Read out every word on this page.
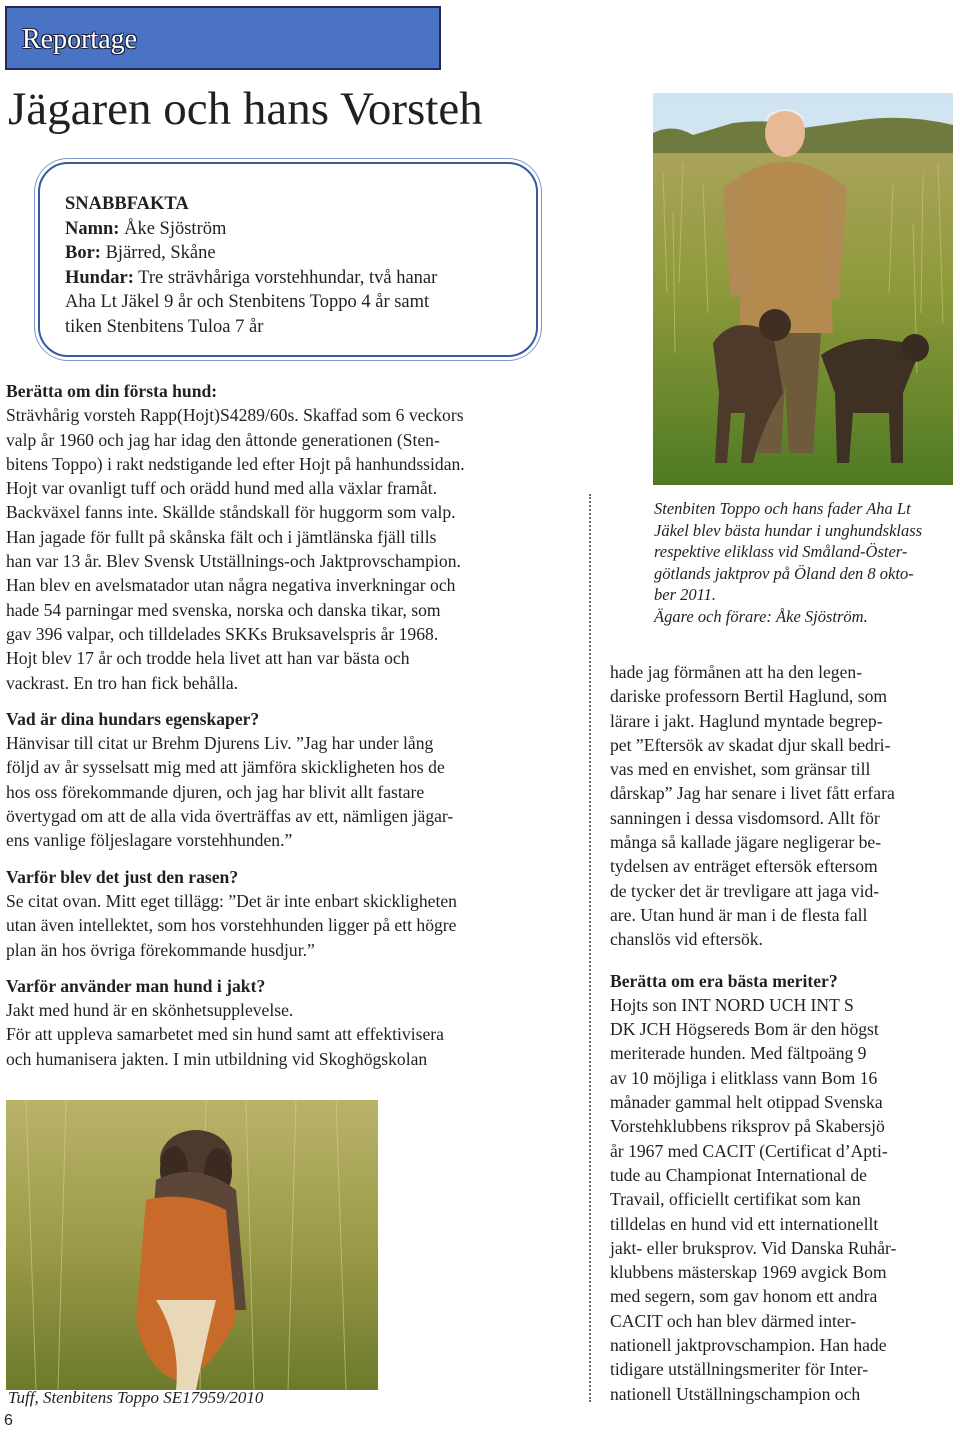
Reportage
Jägaren och hans Vorsteh
SNABBFAKTA
Namn: Åke Sjöström
Bor: Bjärred, Skåne
Hundar: Tre strävhåriga vorstehhundar, två hanar
Aha Lt Jäkel 9 år och Stenbitens Toppo 4 år samt
tiken Stenbitens Tuloa 7 år
Stenbiten Toppo och hans fader Aha Lt
Jäkel blev bästa hundar i unghundsklass
respektive eliklass vid Småland-Öster-
götlands jaktprov på Öland den 8 okto-
ber 2011.
Ägare och förare: Åke Sjöström.
Berätta om din första hund:
Strävhårig vorsteh Rapp(Hojt)S4289/60s. Skaffad som 6 veckors
valp år 1960 och jag har idag den åttonde generationen (Sten-
bitens Toppo) i rakt nedstigande led efter Hojt på hanhundssidan.
Hojt var ovanligt tuff och orädd hund med alla växlar framåt.
Backväxel fanns inte. Skällde ståndskall för huggorm som valp.
Han jagade för fullt på skånska fält och i jämtlänska fjäll tills
han var 13 år. Blev Svensk Utställnings-och Jaktprovschampion.
Han blev en avelsmatador utan några negativa inverkningar och
hade 54 parningar med svenska, norska och danska tikar, som
gav 396 valpar, och tilldelades SKKs Bruksavelspris år 1968.
Hojt blev 17 år och trodde hela livet att han var bästa och
vackrast. En tro han fick behålla.
Vad är dina hundars egenskaper?
Hänvisar till citat ur Brehm Djurens Liv. ”Jag har under lång
följd av år sysselsatt mig med att jämföra skickligheten hos de
hos oss förekommande djuren, och jag har blivit allt fastare
övertygad om att de alla vida överträffas av ett, nämligen jägar-
ens vanlige följeslagare vorstehhunden.”
Varför blev det just den rasen?
Se citat ovan. Mitt eget tillägg: ”Det är inte enbart skickligheten
utan även intellektet, som hos vorstehhunden ligger på ett högre
plan än hos övriga förekommande husdjur.”
Varför använder man hund i jakt?
Jakt med hund är en skönhetsupplevelse.
För att uppleva samarbetet med sin hund samt att effektivisera
och humanisera jakten. I min utbildning vid Skoghögskolan
hade jag förmånen att ha den legen-
dariske professorn Bertil Haglund, som
lärare i jakt. Haglund myntade begrep-
pet ”Eftersök av skadat djur skall bedri-
vas med en envishet, som gränsar till
dårskap” Jag har senare i livet fått erfara
sanningen i dessa visdomsord. Allt för
många så kallade jägare negligerar be-
tydelsen av enträget eftersök eftersom
de tycker det är trevligare att jaga vid-
are. Utan hund är man i de flesta fall
chanslös vid eftersök.
Berätta om era bästa meriter?
Hojts son INT NORD UCH INT S
DK JCH Högsereds Bom är den högst
meriterade hunden. Med fältpoäng 9
av 10 möjliga i elitklass vann Bom 16
månader gammal helt otippad Svenska
Vorstehklubbens riksprov på Skabersjö
år 1967 med CACIT (Certificat d’Apti-
tude au Championat International de
Travail, officiellt certifikat som kan
tilldelas en hund vid ett internationellt
jakt- eller bruksprov. Vid Danska Ruhår-
klubbens mästerskap 1969 avgick Bom
med segern, som gav honom ett andra
CACIT och han blev därmed inter-
nationell jaktprovschampion. Han hade
tidigare utställningsmeriter för Inter-
nationell Utställningschampion och
Tuff, Stenbitens Toppo SE17959/2010
6
